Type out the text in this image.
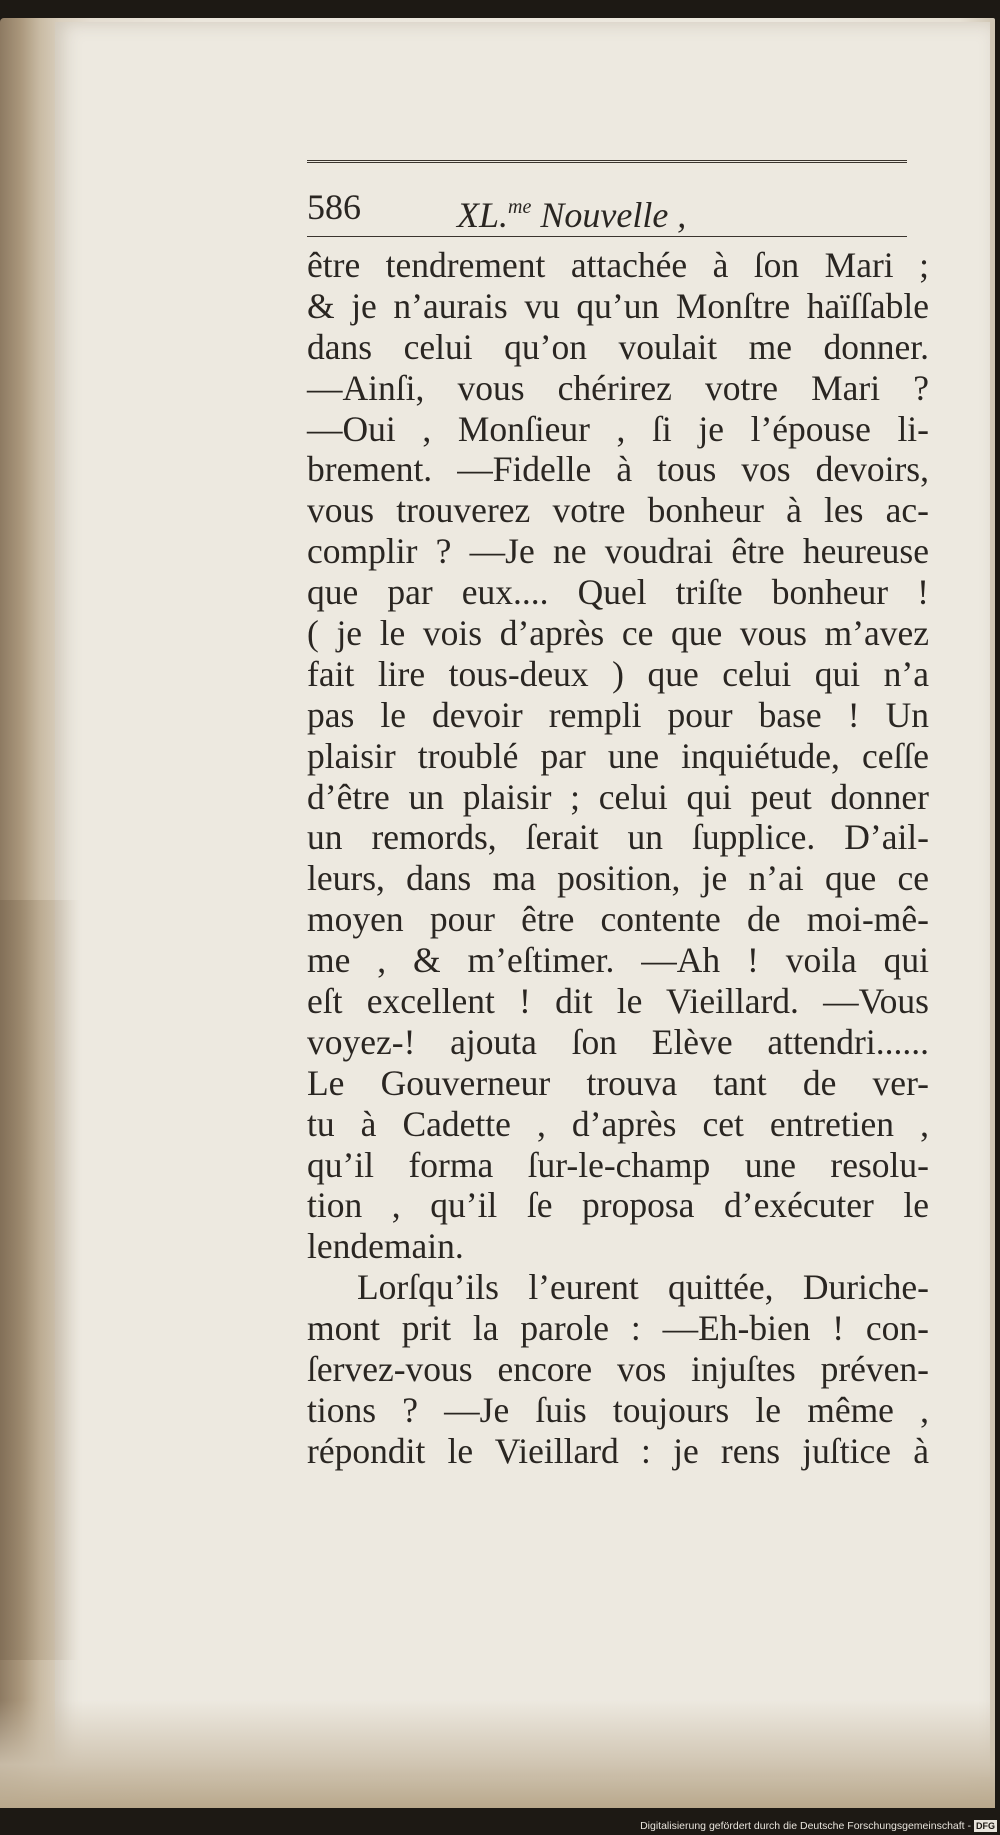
586	XL.$^{me}$ Nouvelle ,
être tendrement attachée à ſon Mari ;
& je n’aurais vu qu’un Monſtre haïſſable
dans celui qu’on voulait me donner.
—Ainſi, vous chérirez votre Mari ?
—Oui , Monſieur , ſi je l’épouse li-
brement. —Fidelle à tous vos devoirs,
vous trouverez votre bonheur à les ac-
complir ? —Je ne voudrai être heureuse
que par eux.... Quel triſte bonheur !
( je le vois d’après ce que vous m’avez
fait lire tous-deux ) que celui qui n’a
pas le devoir rempli pour base ! Un
plaisir troublé par une inquiétude, ceſſe
d’être un plaisir ; celui qui peut donner
un remords, ſerait un ſupplice. D’ail-
leurs, dans ma position, je n’ai que ce
moyen pour être contente de moi-mê-
me , & m’eſtimer. —Ah ! voila qui
eſt excellent ! dit le Vieillard. —Vous
voyez-! ajouta ſon Elève attendri......
Le Gouverneur trouva tant de ver-
tu à Cadette , d’après cet entretien ,
qu’il forma ſur-le-champ une resolu-
tion , qu’il ſe proposa d’exécuter le
lendemain.
Lorſqu’ils l’eurent quittée, Duriche-
mont prit la parole : —Eh-bien ! con-
ſervez-vous encore vos injuſtes préven-
tions ? —Je ſuis toujours le même ,
répondit le Vieillard : je rens juſtice à
Digitalisierung gefördert durch die Deutsche Forschungsgemeinschaft - DFG
